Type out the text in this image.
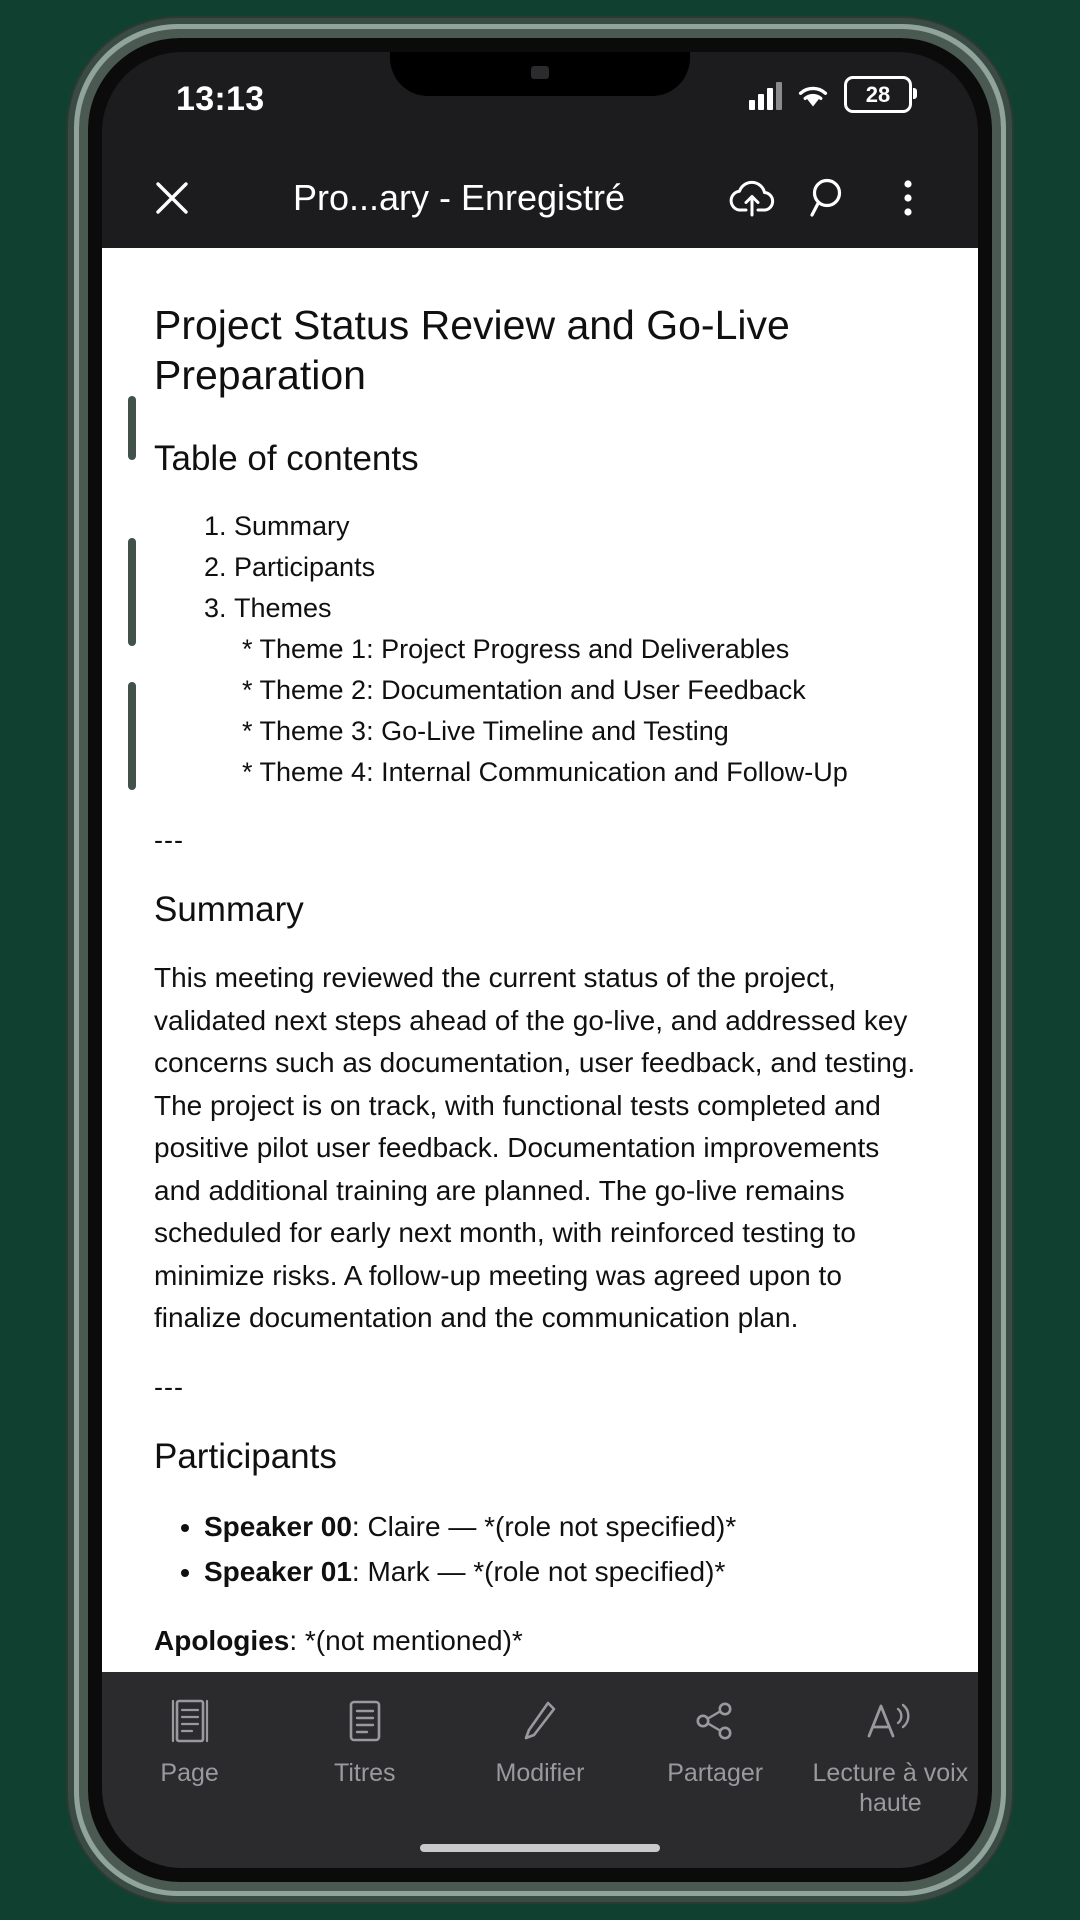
13:13	28
Pro...ary - Enregistré
Project Status Review and Go-Live Preparation
Table of contents
1. Summary
2. Participants
3. Themes
* Theme 1: Project Progress and Deliverables
* Theme 2: Documentation and User Feedback
* Theme 3: Go-Live Timeline and Testing
* Theme 4: Internal Communication and Follow-Up
---
Summary

This meeting reviewed the current status of the project, validated next steps ahead of the go-live, and addressed key concerns such as documentation, user feedback, and testing. The project is on track, with functional tests completed and positive pilot user feedback. Documentation improvements and additional training are planned. The go-live remains scheduled for early next month, with reinforced testing to minimize risks. A follow-up meeting was agreed upon to finalize documentation and the communication plan.

---
Participants
• Speaker 00: Claire — *(role not specified)*
• Speaker 01: Mark — *(role not specified)*
Apologies: *(not mentioned)*
Page	Titres	Modifier	Partager Lecture à voix haute
